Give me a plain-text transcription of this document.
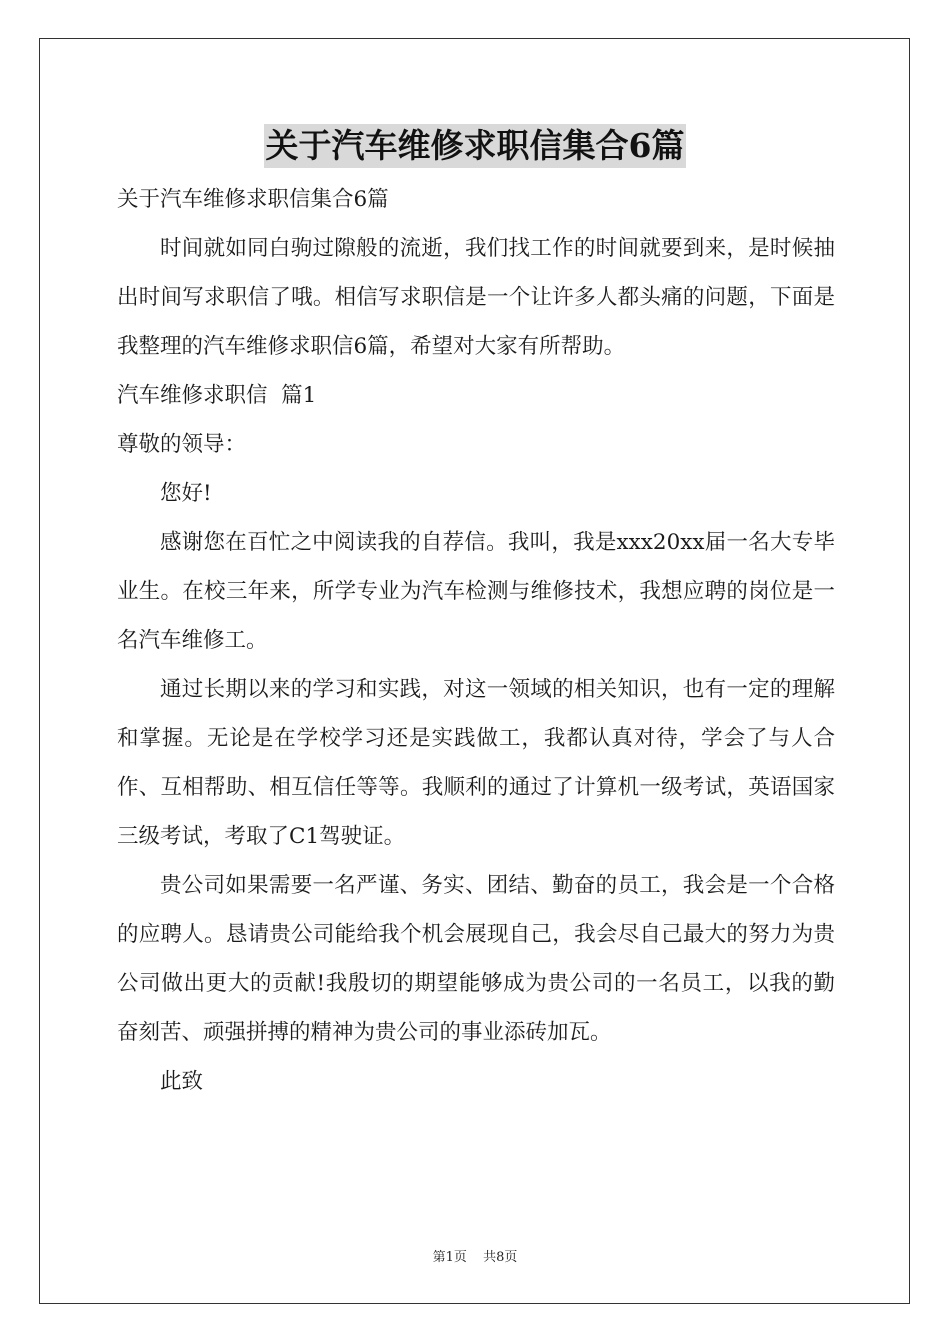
关于汽车维修求职信集合6篇

关于汽车维修求职信集合6篇

时间就如同白驹过隙般的流逝，我们找工作的时间就要到来，是时候抽出时间写求职信了哦。相信写求职信是一个让许多人都头痛的问题，下面是我整理的汽车维修求职信6篇，希望对大家有所帮助。

汽车维修求职信  篇1

尊敬的领导：

您好!

感谢您在百忙之中阅读我的自荐信。我叫，我是xxx20xx届一名大专毕业生。在校三年来，所学专业为汽车检测与维修技术，我想应聘的岗位是一名汽车维修工。

通过长期以来的学习和实践，对这一领域的相关知识，也有一定的理解和掌握。无论是在学校学习还是实践做工，我都认真对待，学会了与人合作、互相帮助、相互信任等等。我顺利的通过了计算机一级考试，英语国家三级考试，考取了C1驾驶证。

贵公司如果需要一名严谨、务实、团结、勤奋的员工，我会是一个合格的应聘人。恳请贵公司能给我个机会展现自己，我会尽自己最大的努力为贵公司做出更大的贡献!我殷切的期望能够成为贵公司的一名员工，以我的勤奋刻苦、顽强拼搏的精神为贵公司的事业添砖加瓦。

此致

第1页 共8页
